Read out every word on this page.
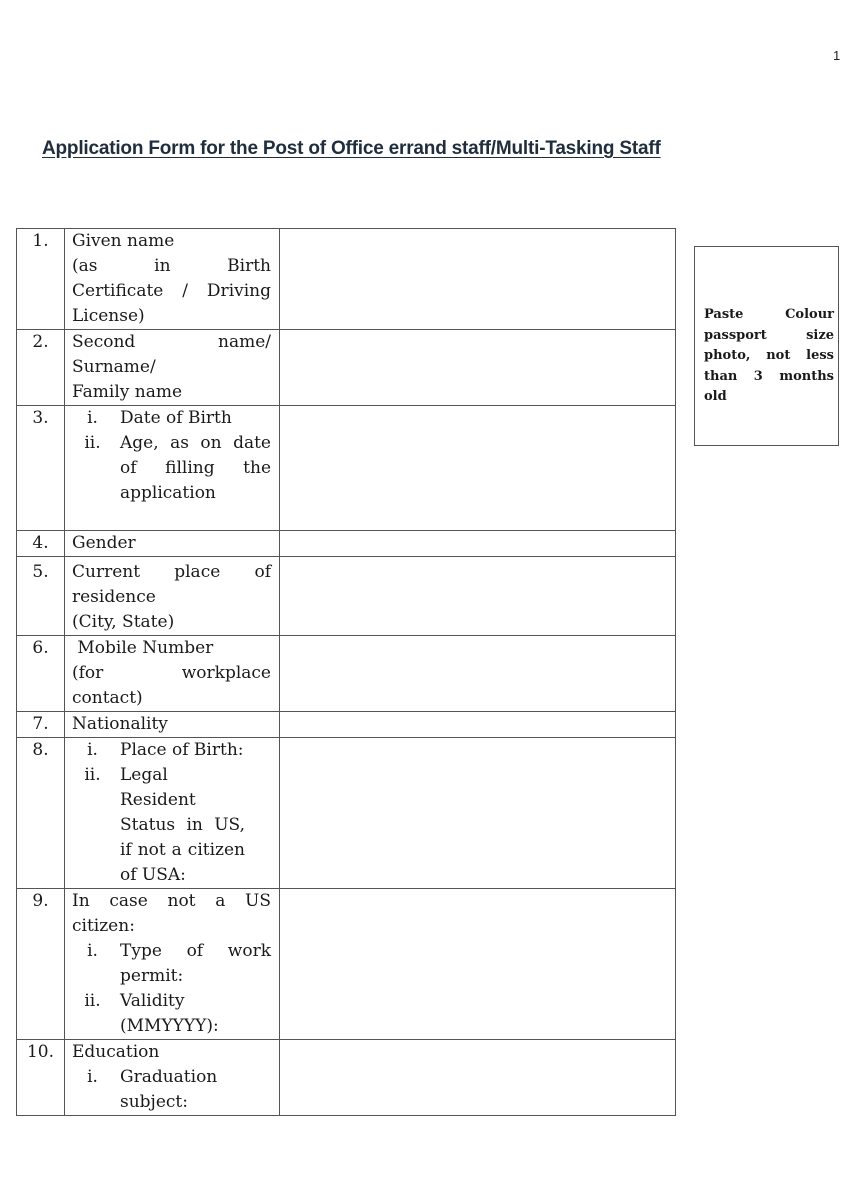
1
Application Form for the Post of Office errand staff/Multi-Tasking Staff
1.	Given name
(as in Birth
Certificate / Driving
License)	

2.	Second name/
Surname/
Family name	

3.	i. Date of Birth
ii. Age, as on date of filling the application	

4.	Gender	

5.	Current place of
residence
(City, State)	

6.	Mobile Number
(for workplace
contact)	

7.	Nationality	

8.	i. Place of Birth:
ii. Legal Resident Status in US, if not a citizen of USA:	

9.	In case not a US citizen:
i. Type of work permit:
ii. Validity (MMYYYY):	

10.	Education
i. Graduation subject:	

Paste Colour passport size photo, not less than 3 months old
